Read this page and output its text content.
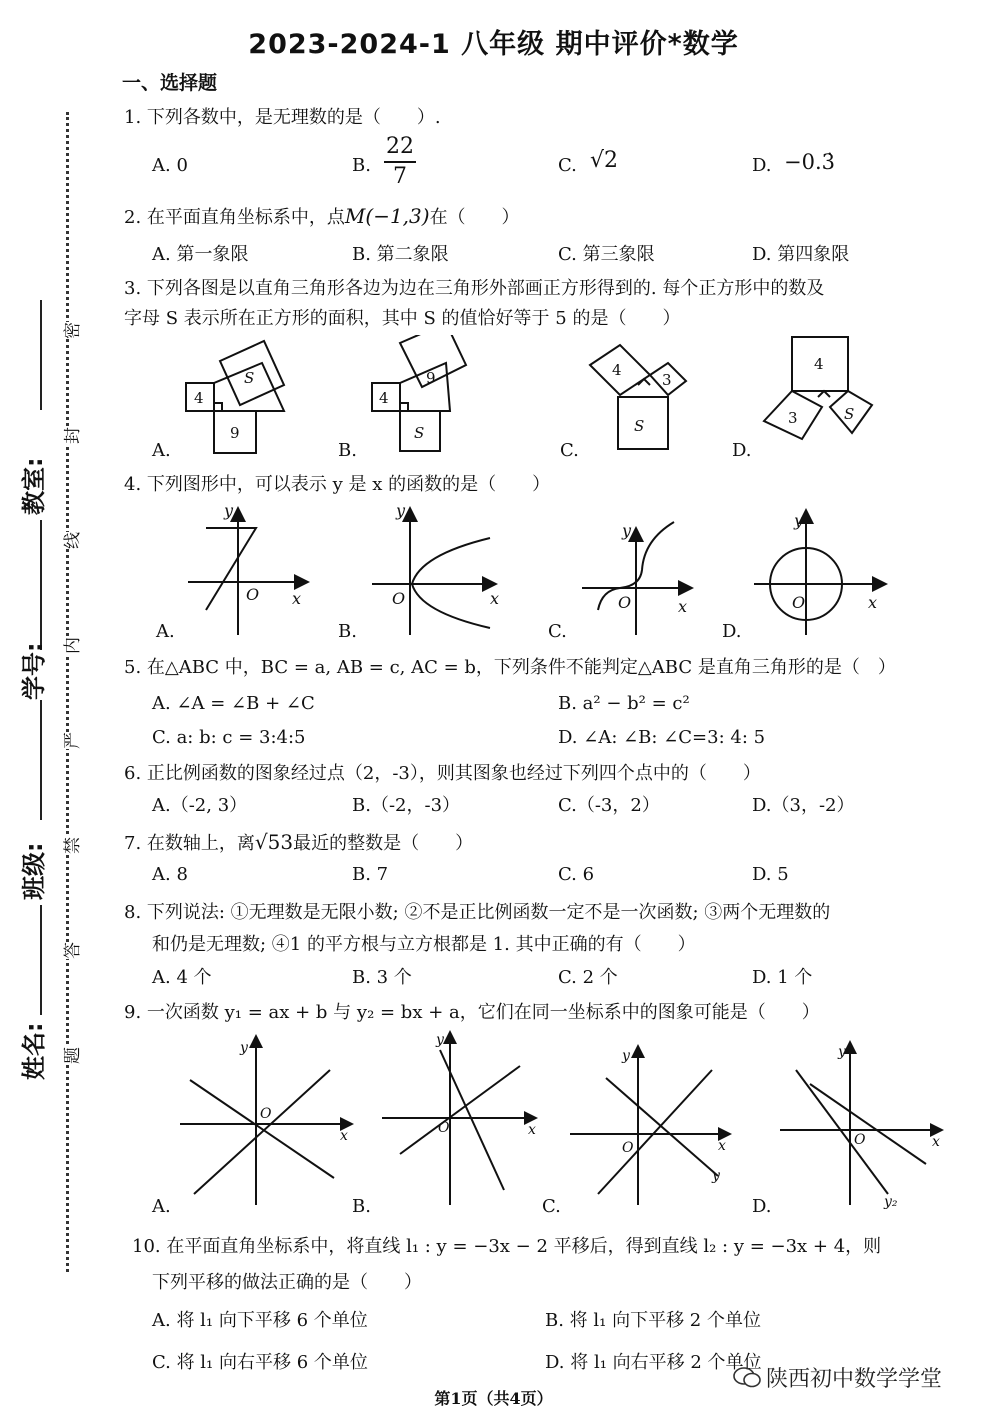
2023-2024-1 八年级 期中评价*数学
一、选择题
姓名:
班级:
学号:
教室:
密
封
线
内
严
禁
答
题
1. 下列各数中，是无理数的是（　　）.
A. 0	B. $\frac{22}{7}$	C. √2	D. −0.3̇
2. 在平面直角坐标系中，点M(−1,3)在（　　）
A. 第一象限	B. 第二象限	C. 第三象限	D. 第四象限
3. 下列各图是以直角三角形各边为边在三角形外部画正方形得到的. 每个正方形中的数及
字母 S 表示所在正方形的面积，其中 S 的值恰好等于 5 的是（　　）
4
S
9
4
9
S
4
3
S
4
3	S
A.	B.	C.	D.
4. 下列图形中，可以表示 y 是 x 的函数的是（　　）
y
x
O
y
x
O
y
x
O
y
x
O
A.	B.	C.	D.
5. 在△ABC 中，BC = a, AB = c, AC = b，下列条件不能判定△ABC 是直角三角形的是（　）
A. ∠A = ∠B + ∠C	B. a² − b² = c²
C. a: b: c = 3:4:5	D. ∠A: ∠B: ∠C=3: 4: 5
6. 正比例函数的图象经过点（2，-3），则其图象也经过下列四个点中的（　　）
A.（-2, 3）	B.（-2，-3）	C.（-3，2）	D.（3，-2）
7. 在数轴上，离√53最近的整数是（　　）
A. 8	B. 7	C. 6	D. 5
8. 下列说法: ①无理数是无限小数; ②不是正比例函数一定不是一次函数; ③两个无理数的
和仍是无理数; ④1 的平方根与立方根都是 1. 其中正确的有（　　）
A. 4 个	B. 3 个	C. 2 个	D. 1 个
9. 一次函数 y₁ = ax + b 与 y₂ = bx + a，它们在同一坐标系中的图象可能是（　　）
y
x
O
y
x
O
y
x
O
y
y
x
O
y₂
A.	B.	C.	D.
10. 在平面直角坐标系中，将直线 l₁ : y = −3x − 2 平移后，得到直线 l₂ : y = −3x + 4，则
下列平移的做法正确的是（　　）
A. 将 l₁ 向下平移 6 个单位	B. 将 l₁ 向下平移 2 个单位
C. 将 l₁ 向右平移 6 个单位	D. 将 l₁ 向右平移 2 个单位
第1页（共4页）
陕西初中数学学堂
